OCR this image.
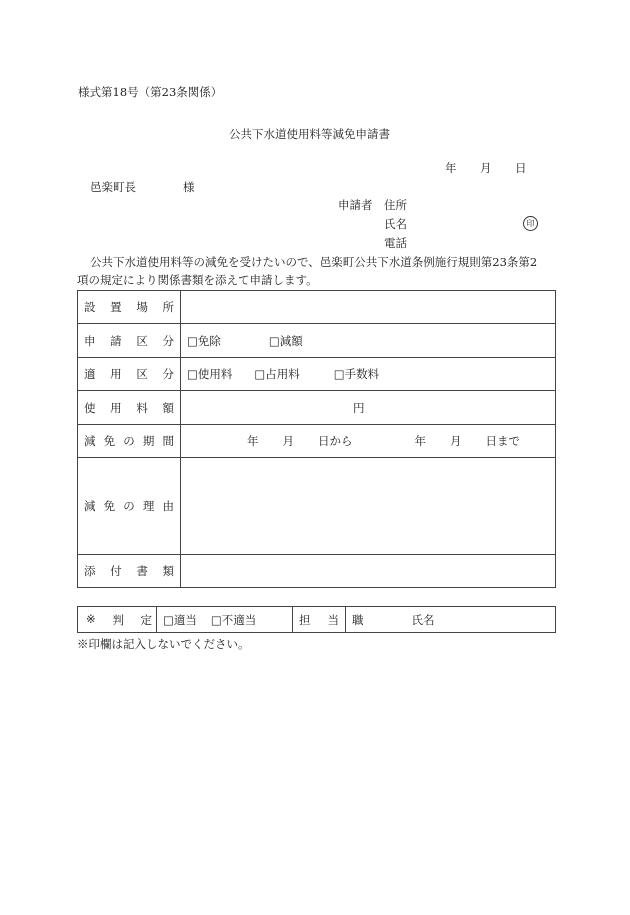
様式第18号（第23条関係）
公共下水道使用料等減免申請書
年 月 日
邑楽町長	様
申請者 住所
氏名	印
電話
公共下水道使用料等の減免を受けたいので、邑楽町公共下水道条例施行規則第23条第2
項の規定により関係書類を添えて申請します。
設 置 場 所	

申 請 区 分	□免除 □減額

適 用 区 分	□使用料 □占用料 □手数料

使 用 料 額	円

減 免 の 期 間	年 月 日から 年 月 日まで

減 免 の 理 由	

添 付 書 類	

※ 判 定	□適当 □不適当	担 当	職	氏名
※印欄は記入しないでください。
